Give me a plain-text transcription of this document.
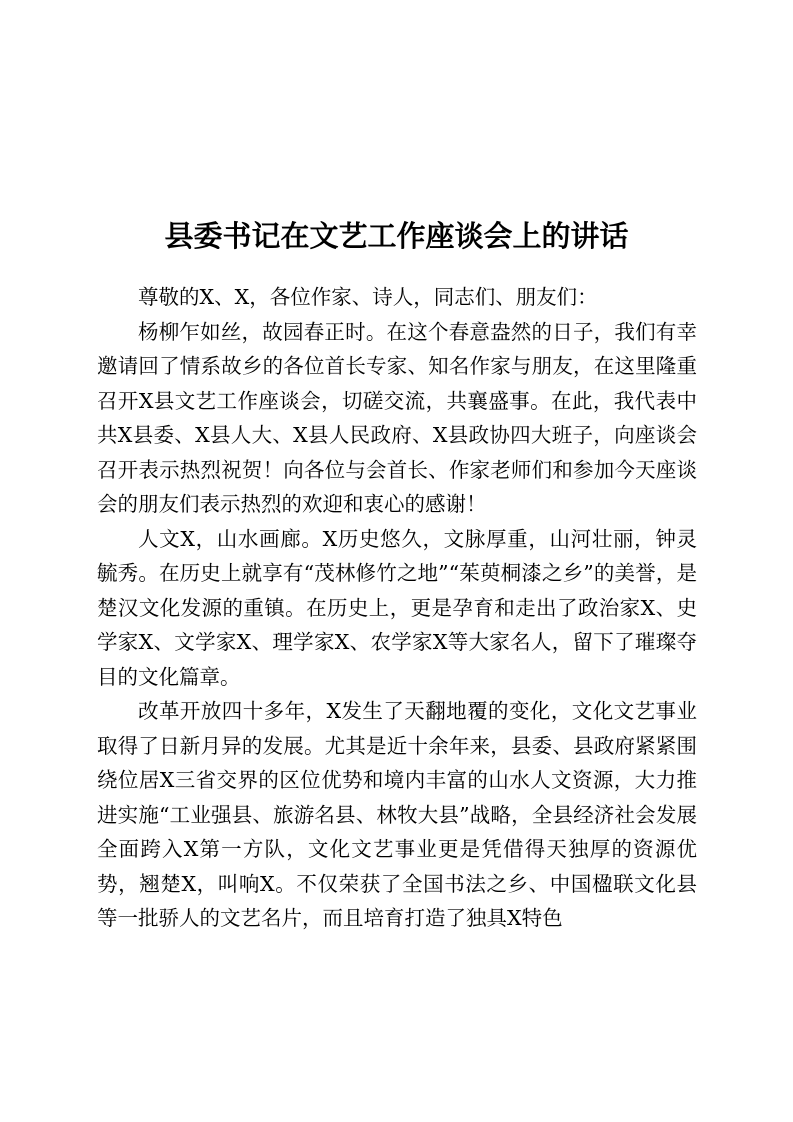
县委书记在文艺工作座谈会上的讲话

尊敬的X、X，各位作家、诗人，同志们、朋友们：

杨柳乍如丝，故园春正时。在这个春意盎然的日子，我们有幸邀请回了情系故乡的各位首长专家、知名作家与朋友，在这里隆重召开X县文艺工作座谈会，切磋交流，共襄盛事。在此，我代表中共X县委、X县人大、X县人民政府、X县政协四大班子，向座谈会召开表示热烈祝贺！向各位与会首长、作家老师们和参加今天座谈会的朋友们表示热烈的欢迎和衷心的感谢！

人文X，山水画廊。X历史悠久，文脉厚重，山河壮丽，钟灵毓秀。在历史上就享有“茂林修竹之地”“茱萸桐漆之乡”的美誉，是楚汉文化发源的重镇。在历史上，更是孕育和走出了政治家X、史学家X、文学家X、理学家X、农学家X等大家名人，留下了璀璨夺目的文化篇章。

改革开放四十多年，X发生了天翻地覆的变化，文化文艺事业取得了日新月异的发展。尤其是近十余年来，县委、县政府紧紧围绕位居X三省交界的区位优势和境内丰富的山水人文资源，大力推进实施“工业强县、旅游名县、林牧大县”战略，全县经济社会发展全面跨入X第一方队，文化文艺事业更是凭借得天独厚的资源优势，翘楚X，叫响X。不仅荣获了全国书法之乡、中国楹联文化县等一批骄人的文艺名片，而且培育打造了独具X特色
